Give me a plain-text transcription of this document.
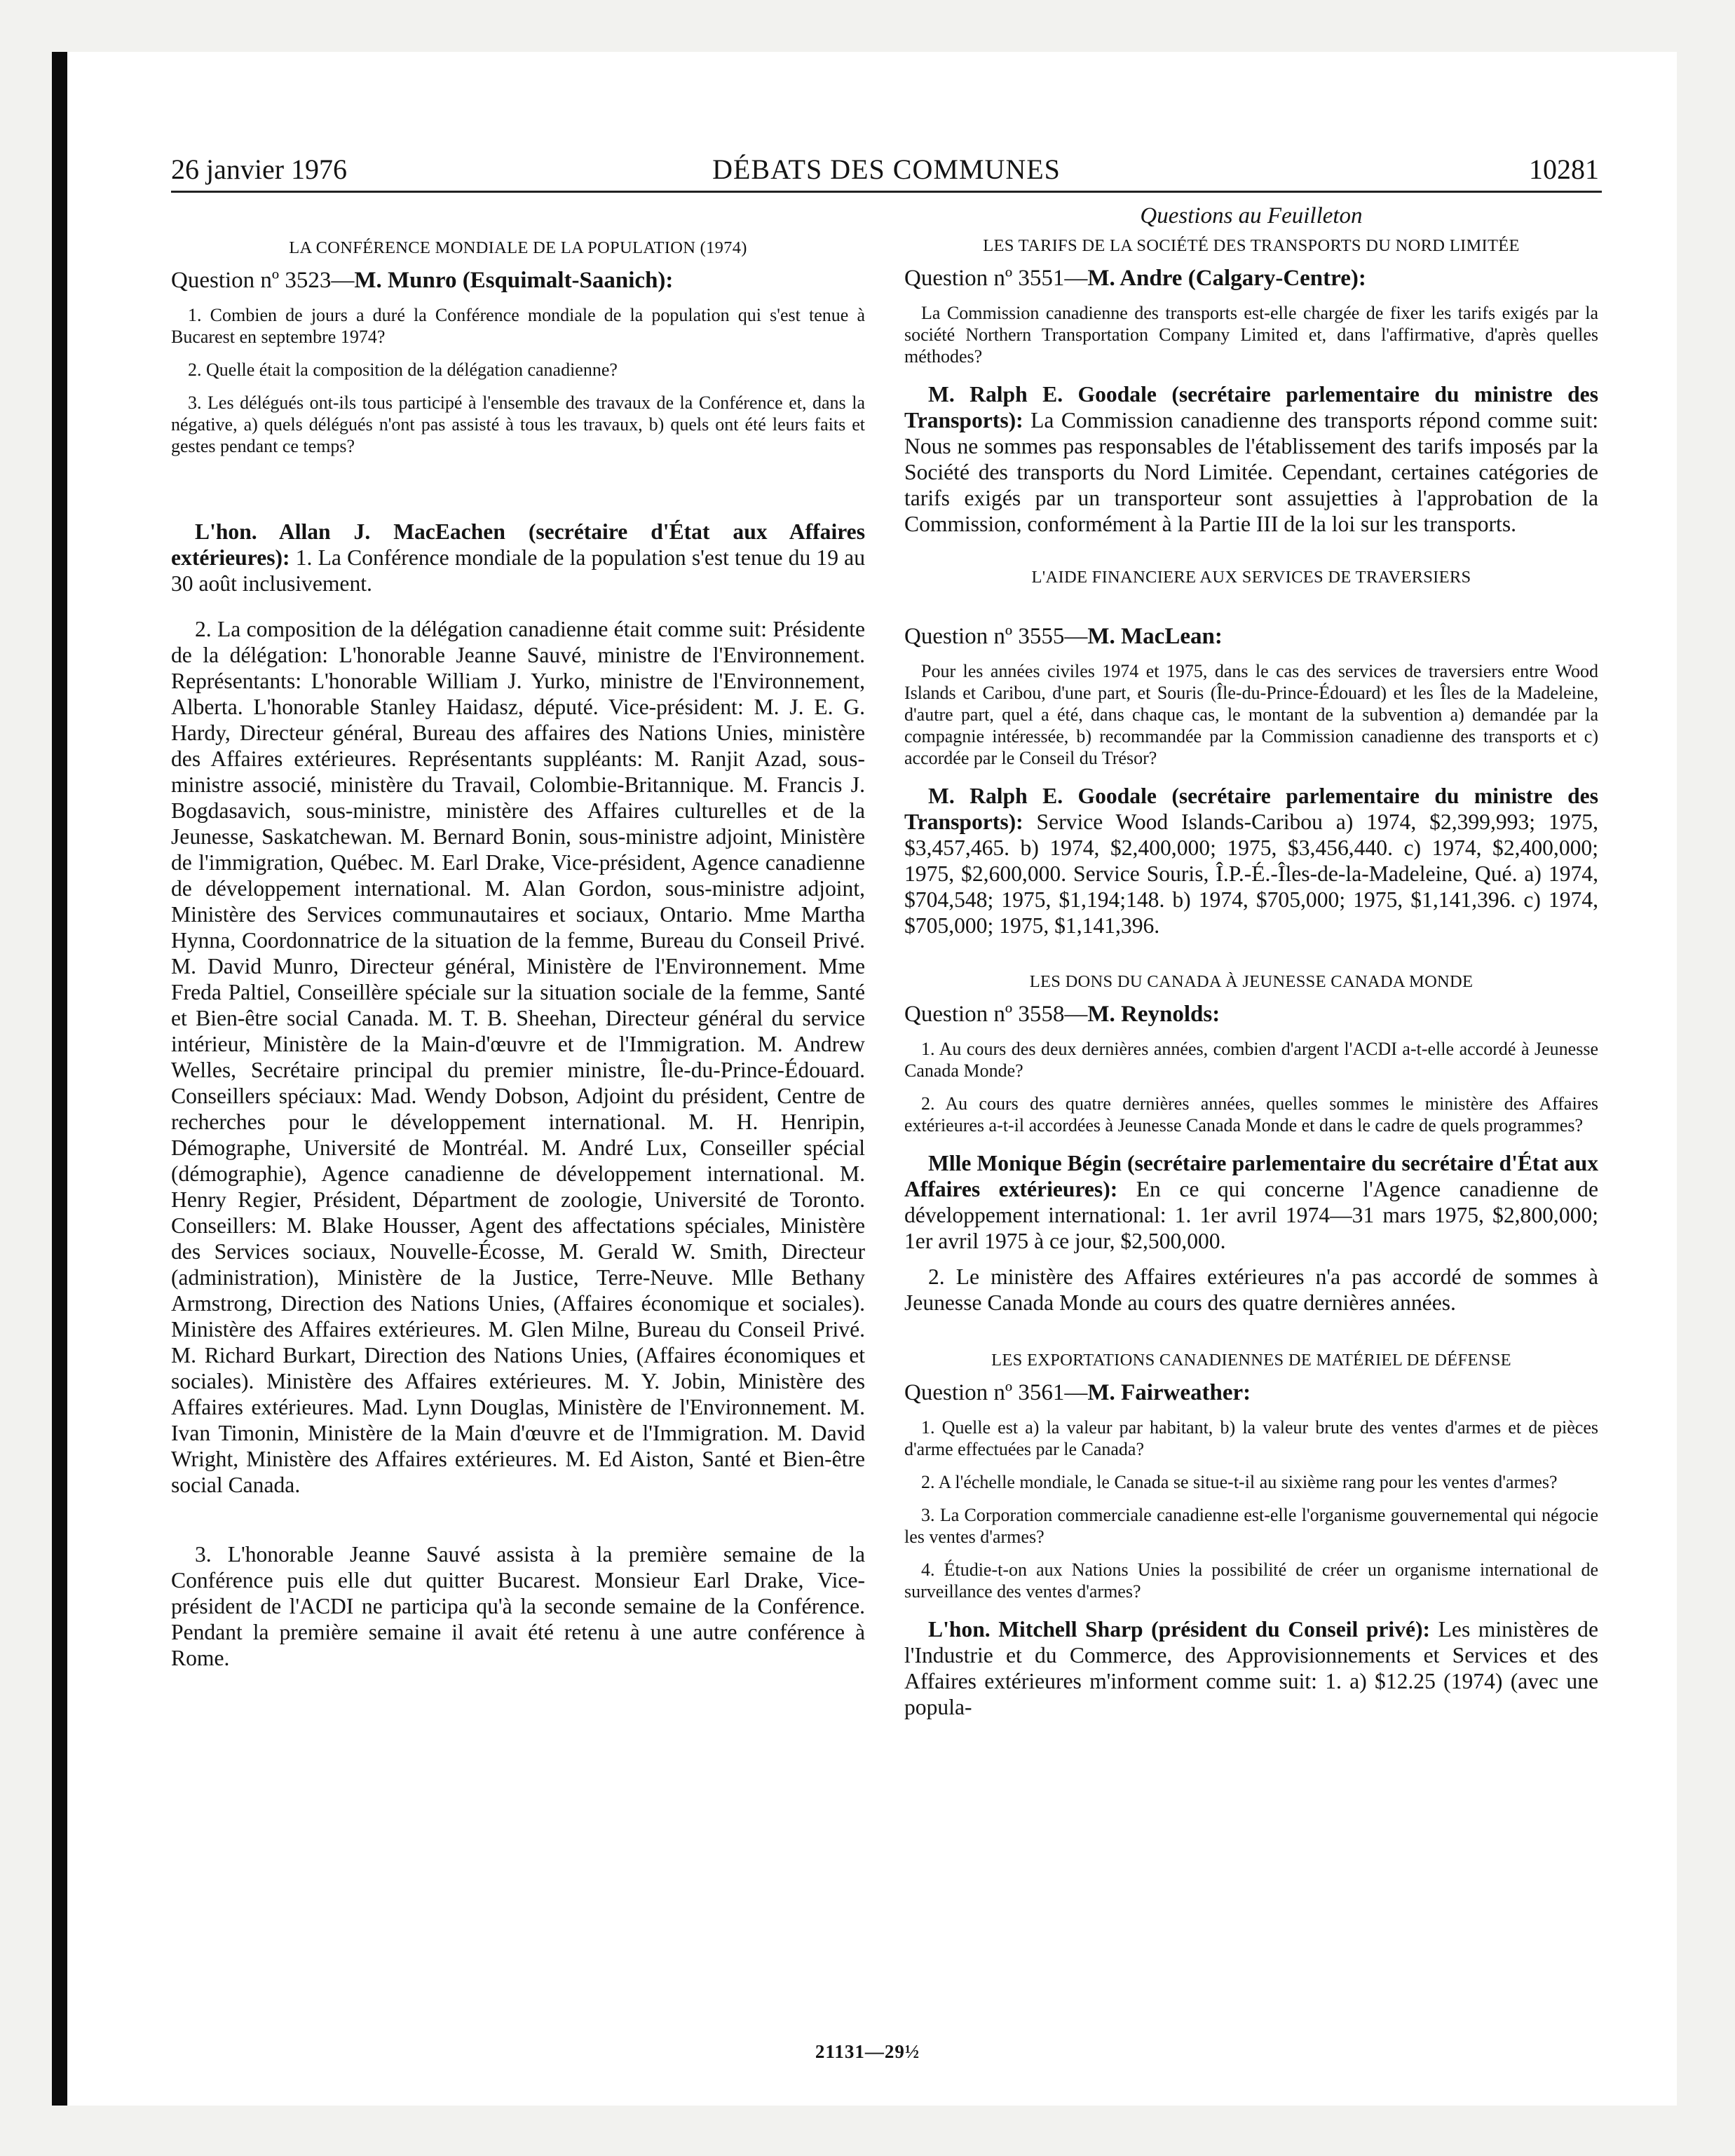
26 janvier 1976	DÉBATS DES COMMUNES	10281
LA CONFÉRENCE MONDIALE DE LA POPULATION (1974)
Question nº 3523—M. Munro (Esquimalt-Saanich):

1. Combien de jours a duré la Conférence mondiale de la population qui s'est tenue à Bucarest en septembre 1974?

2. Quelle était la composition de la délégation canadienne?

3. Les délégués ont-ils tous participé à l'ensemble des travaux de la Conférence et, dans la négative, a) quels délégués n'ont pas assisté à tous les travaux, b) quels ont été leurs faits et gestes pendant ce temps?

L'hon. Allan J. MacEachen (secrétaire d'État aux Affaires extérieures): 1. La Conférence mondiale de la population s'est tenue du 19 au 30 août inclusivement.

2. La composition de la délégation canadienne était comme suit: Présidente de la délégation: L'honorable Jeanne Sauvé, ministre de l'Environnement. Représentants: L'honorable William J. Yurko, ministre de l'Environnement, Alberta. L'honorable Stanley Haidasz, député. Vice-président: M. J. E. G. Hardy, Directeur général, Bureau des affaires des Nations Unies, ministère des Affaires extérieures. Représentants suppléants: M. Ranjit Azad, sous-ministre associé, ministère du Travail, Colombie-Britannique. M. Francis J. Bogdasavich, sous-ministre, ministère des Affaires culturelles et de la Jeunesse, Saskatchewan. M. Bernard Bonin, sous-ministre adjoint, Ministère de l'immigration, Québec. M. Earl Drake, Vice-président, Agence canadienne de développement international. M. Alan Gordon, sous-ministre adjoint, Ministère des Services communautaires et sociaux, Ontario. Mme Martha Hynna, Coordonnatrice de la situation de la femme, Bureau du Conseil Privé. M. David Munro, Directeur général, Ministère de l'Environnement. Mme Freda Paltiel, Conseillère spéciale sur la situation sociale de la femme, Santé et Bien-être social Canada. M. T. B. Sheehan, Directeur général du service intérieur, Ministère de la Main-d'œuvre et de l'Immigration. M. Andrew Welles, Secrétaire principal du premier ministre, Île-du-Prince-Édouard. Conseillers spéciaux: Mad. Wendy Dobson, Adjoint du président, Centre de recherches pour le développement international. M. H. Henripin, Démographe, Université de Montréal. M. André Lux, Conseiller spécial (démographie), Agence canadienne de développement international. M. Henry Regier, Président, Départment de zoologie, Université de Toronto. Conseillers: M. Blake Housser, Agent des affectations spéciales, Ministère des Services sociaux, Nouvelle-Écosse, M. Gerald W. Smith, Directeur (administration), Ministère de la Justice, Terre-Neuve. Mlle Bethany Armstrong, Direction des Nations Unies, (Affaires économique et sociales). Ministère des Affaires extérieures. M. Glen Milne, Bureau du Conseil Privé. M. Richard Burkart, Direction des Nations Unies, (Affaires économiques et sociales). Ministère des Affaires extérieures. M. Y. Jobin, Ministère des Affaires extérieures. Mad. Lynn Douglas, Ministère de l'Environnement. M. Ivan Timonin, Ministère de la Main d'œuvre et de l'Immigration. M. David Wright, Ministère des Affaires extérieures. M. Ed Aiston, Santé et Bien-être social Canada.

3. L'honorable Jeanne Sauvé assista à la première semaine de la Conférence puis elle dut quitter Bucarest. Monsieur Earl Drake, Vice-président de l'ACDI ne participa qu'à la seconde semaine de la Conférence. Pendant la première semaine il avait été retenu à une autre conférence à Rome.

Questions au Feuilleton
LES TARIFS DE LA SOCIÉTÉ DES TRANSPORTS DU NORD LIMITÉE
Question nº 3551—M. Andre (Calgary-Centre):

La Commission canadienne des transports est-elle chargée de fixer les tarifs exigés par la société Northern Transportation Company Limited et, dans l'affirmative, d'après quelles méthodes?

M. Ralph E. Goodale (secrétaire parlementaire du ministre des Transports): La Commission canadienne des transports répond comme suit: Nous ne sommes pas responsables de l'établissement des tarifs imposés par la Société des transports du Nord Limitée. Cependant, certaines catégories de tarifs exigés par un transporteur sont assujetties à l'approbation de la Commission, conformément à la Partie III de la loi sur les transports.

L'AIDE FINANCIERE AUX SERVICES DE TRAVERSIERS
Question nº 3555—M. MacLean:

Pour les années civiles 1974 et 1975, dans le cas des services de traversiers entre Wood Islands et Caribou, d'une part, et Souris (Île-du-Prince-Édouard) et les Îles de la Madeleine, d'autre part, quel a été, dans chaque cas, le montant de la subvention a) demandée par la compagnie intéressée, b) recommandée par la Commission canadienne des transports et c) accordée par le Conseil du Trésor?

M. Ralph E. Goodale (secrétaire parlementaire du ministre des Transports): Service Wood Islands-Caribou a) 1974, $2,399,993; 1975, $3,457,465. b) 1974, $2,400,000; 1975, $3,456,440. c) 1974, $2,400,000; 1975, $2,600,000. Service Souris, Î.P.-É.-Îles-de-la-Madeleine, Qué. a) 1974, $704,548; 1975, $1,194;148. b) 1974, $705,000; 1975, $1,141,396. c) 1974, $705,000; 1975, $1,141,396.

LES DONS DU CANADA À JEUNESSE CANADA MONDE
Question nº 3558—M. Reynolds:

1. Au cours des deux dernières années, combien d'argent l'ACDI a-t-elle accordé à Jeunesse Canada Monde?

2. Au cours des quatre dernières années, quelles sommes le ministère des Affaires extérieures a-t-il accordées à Jeunesse Canada Monde et dans le cadre de quels programmes?

Mlle Monique Bégin (secrétaire parlementaire du secrétaire d'État aux Affaires extérieures): En ce qui concerne l'Agence canadienne de développement international: 1. 1er avril 1974—31 mars 1975, $2,800,000; 1er avril 1975 à ce jour, $2,500,000.

2. Le ministère des Affaires extérieures n'a pas accordé de sommes à Jeunesse Canada Monde au cours des quatre dernières années.

LES EXPORTATIONS CANADIENNES DE MATÉRIEL DE DÉFENSE
Question nº 3561—M. Fairweather:

1. Quelle est a) la valeur par habitant, b) la valeur brute des ventes d'armes et de pièces d'arme effectuées par le Canada?

2. A l'échelle mondiale, le Canada se situe-t-il au sixième rang pour les ventes d'armes?

3. La Corporation commerciale canadienne est-elle l'organisme gouvernemental qui négocie les ventes d'armes?

4. Étudie-t-on aux Nations Unies la possibilité de créer un organisme international de surveillance des ventes d'armes?

L'hon. Mitchell Sharp (président du Conseil privé): Les ministères de l'Industrie et du Commerce, des Approvisionnements et Services et des Affaires extérieures m'informent comme suit: 1. a) $12.25 (1974) (avec une popula-

21131—29½
